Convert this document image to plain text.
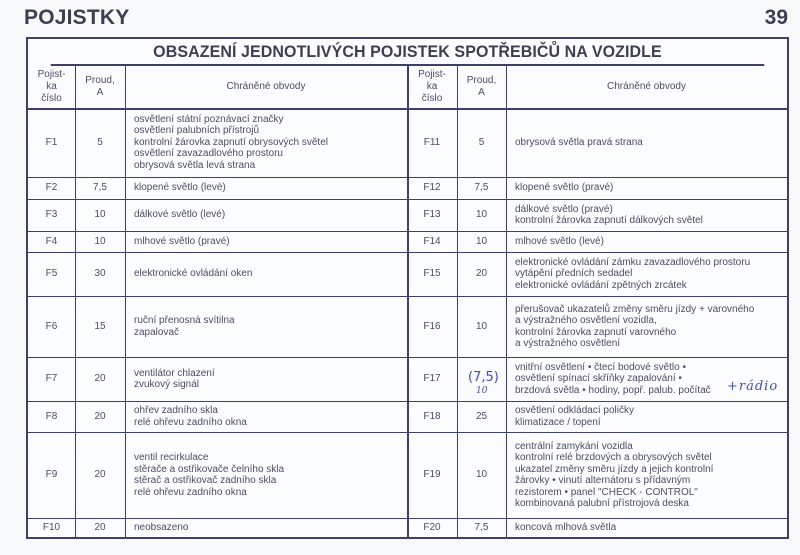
POJISTKY	39
OBSAZENÍ JEDNOTLIVÝCH POJISTEK SPOTŘEBIČŮ NA VOZIDLE
Pojist-
ka
číslo
Proud,
A
Chráněné obvody
Pojist-
ka
číslo
Proud,
A
Chráněné obvody
F1	5
osvětlení státní poznávací značky
osvětlení palubních přístrojů
kontrolní žárovka zapnutí obrysových světel
osvětlení zavazadlového prostoru
obrysová světla levá strana
F2	7,5	klopené světlo (levé)
F3	10	dálkové světlo (levé)
F4	10	mlhové světlo (pravé)
F5	30	elektronické ovládání oken
F6	15
ruční přenosná svítilna
zapalovač
F7	20
ventilátor chlazení
zvukový signál
F8	20
ohřev zadního skla
relé ohřevu zadního okna
F9	20
ventil recirkulace
stěrače a ostřikovače čelního skla
stěrač a ostřikovač zadního skla
relé ohřevu zadního okna
F10	20	neobsazeno
F11	5	obrysová světla pravá strana
F12	7,5	klopené světlo (pravé)
F13	10
dálkové světlo (pravé)
kontrolní žárovka zapnutí dálkových světel
F14	10	mlhové světlo (levé)
F15	20
elektronické ovládání zámku zavazadlového prostoru
vytápění předních sedadel
elektronické ovládání zpětných zrcátek
F16	10
přerušovač ukazatelů změny směru jízdy + varovného
a výstražného osvětlení vozidla,
kontrolní žárovka zapnutí varovného
a výstražného osvětlení
F17	(7,5)
10
vnitřní osvětlení • čtecí bodové světlo •
osvětlení spínací skříňky zapalování •
brzdová světla • hodiny, popř. palub. počítač +rádio
F18	25
osvětlení odkládací poličky
klimatizace / topení
F19	10
centrální zamykání vozidla
kontrolní relé brzdových a obrysových světel
ukazatel změny směru jízdy a jejich kontrolní
žárovky • vinutí alternátoru s přídavným
rezistorem • panel "CHECK - CONTROL"
kombinovaná palubní přístrojová deska
F20	7,5	koncová mlhová světla
